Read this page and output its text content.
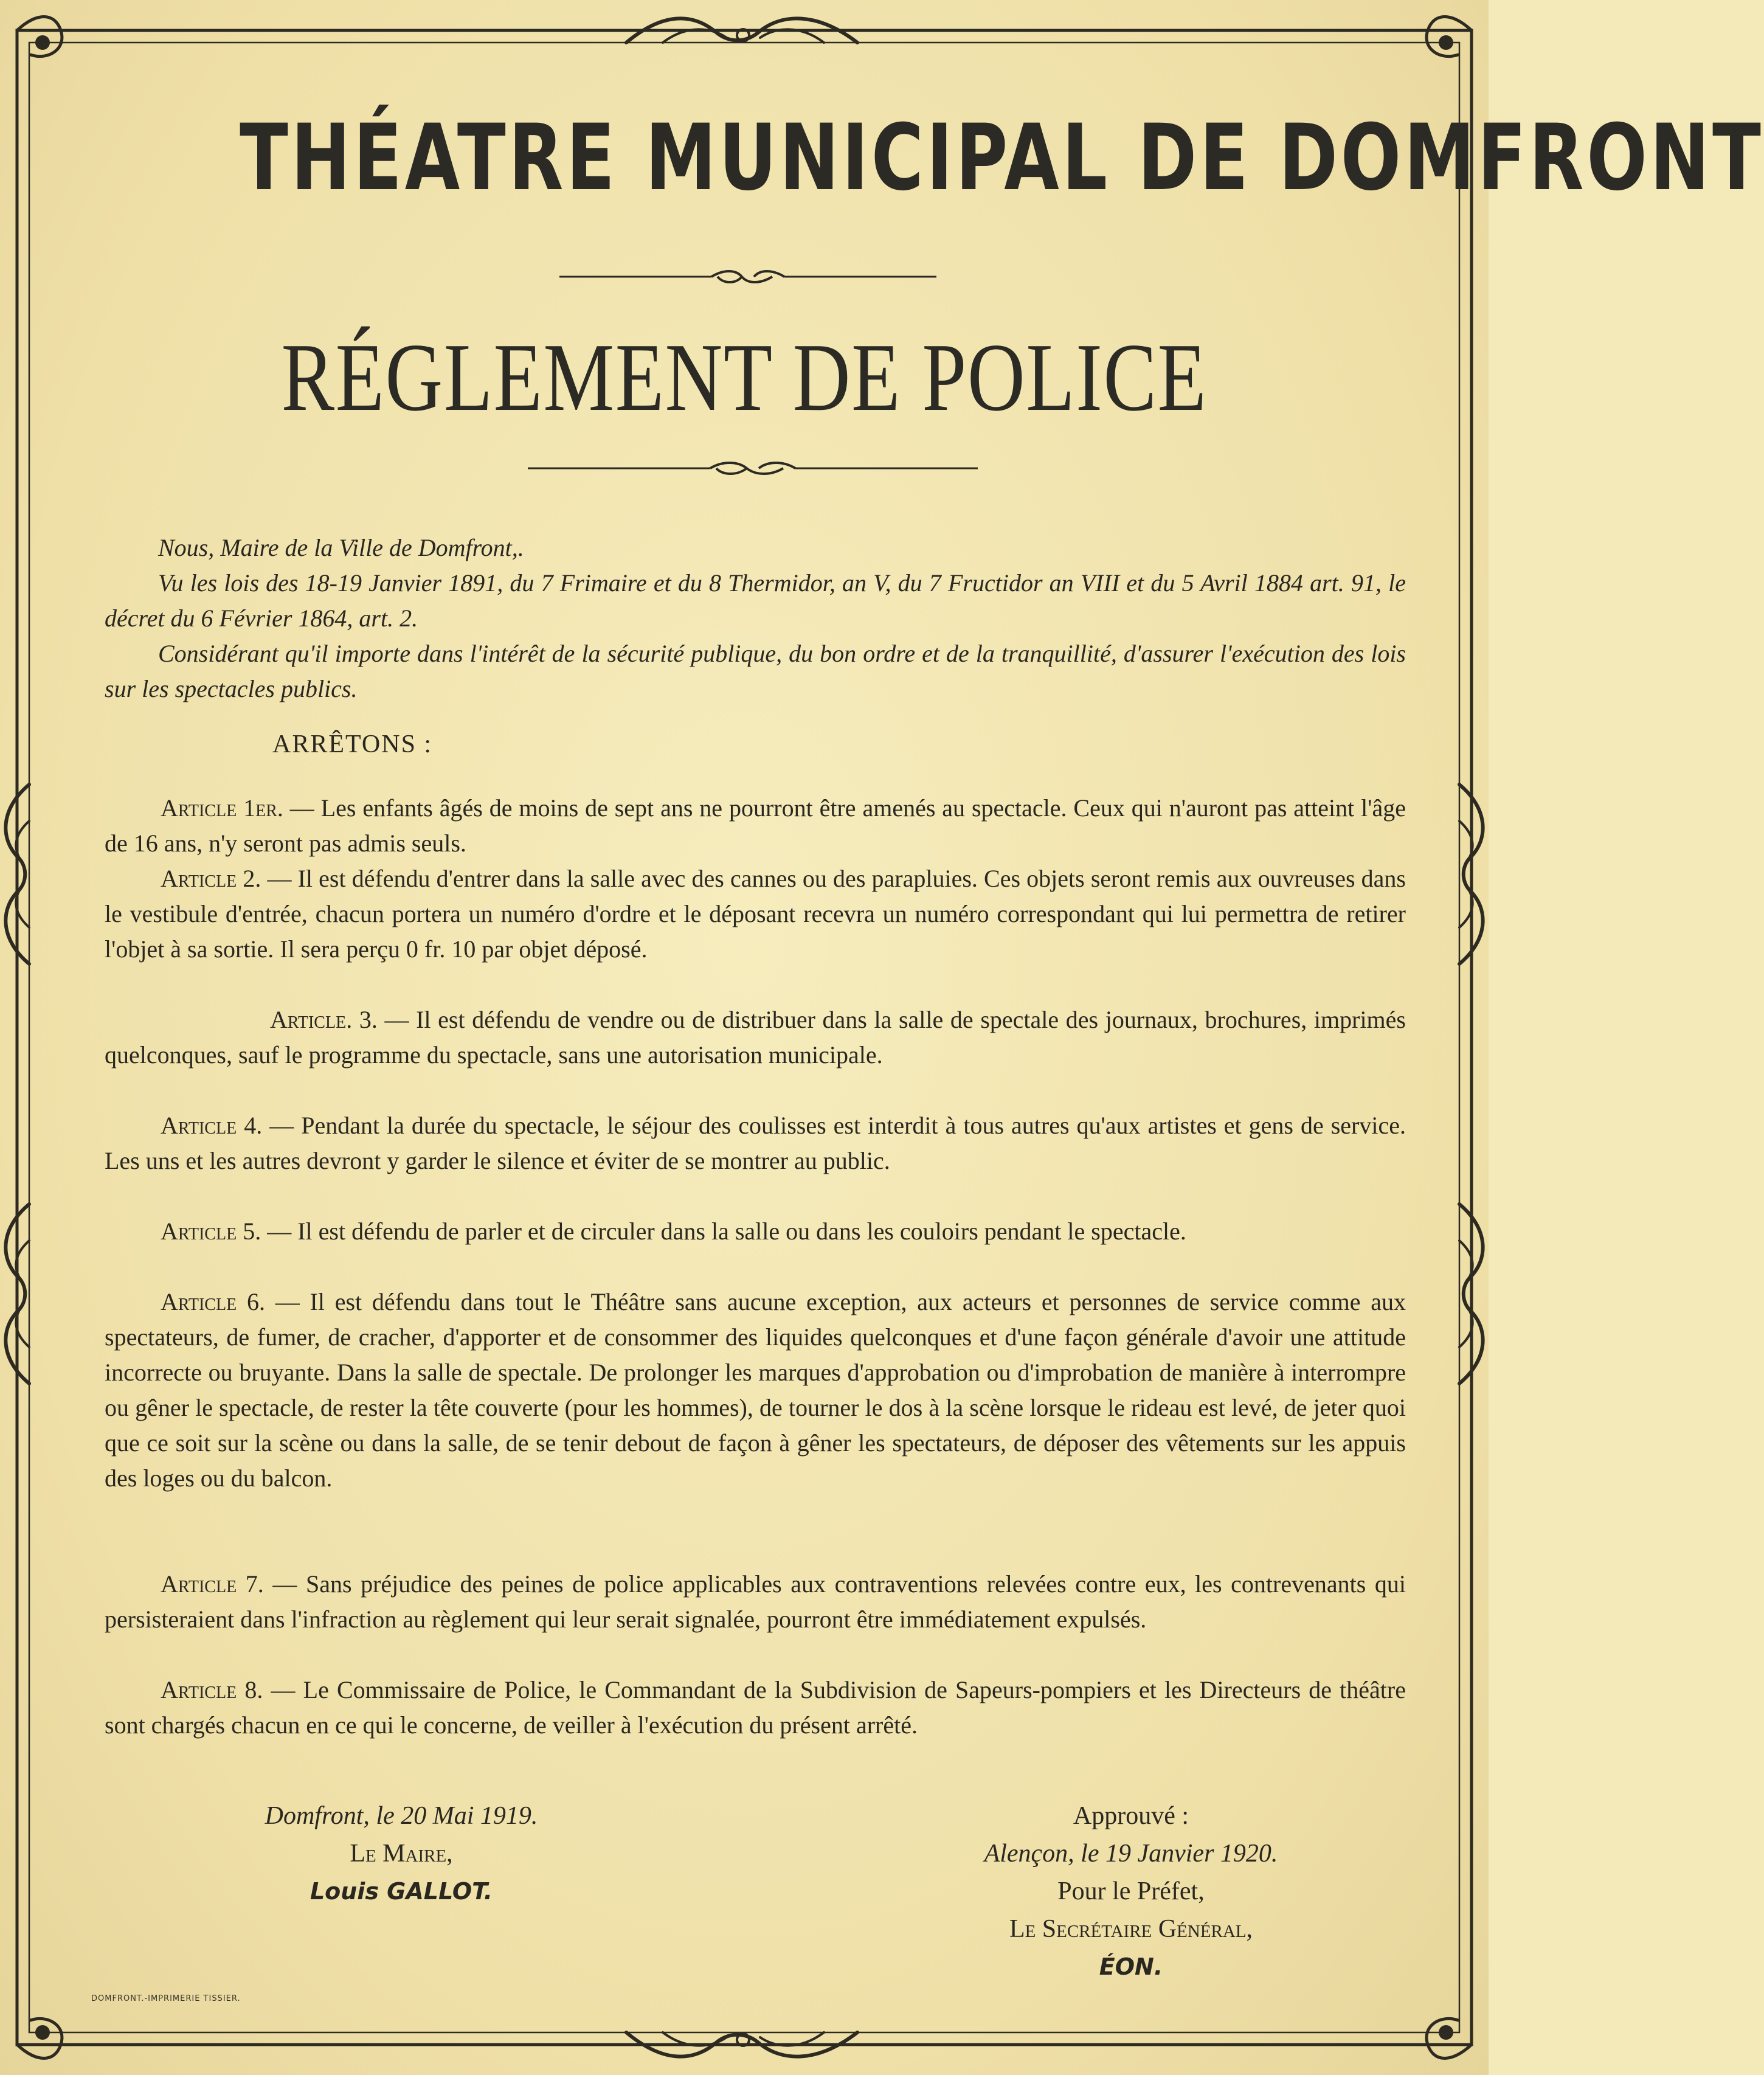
THÉATRE MUNICIPAL DE DOMFRONT
RÉGLEMENT DE POLICE

Nous, Maire de la Ville de Domfront,.

Vu les lois des 18-19 Janvier 1891, du 7 Frimaire et du 8 Thermidor, an V, du 7 Fructidor an VIII et du 5 Avril 1884 art. 91, le décret du 6 Février 1864, art. 2.

Considérant qu'il importe dans l'intérêt de la sécurité publique, du bon ordre et de la tranquillité, d'assurer l'exécution des lois sur les spectacles publics.

ARRÊTONS :

Article 1er. — Les enfants âgés de moins de sept ans ne pourront être amenés au spectacle. Ceux qui n'auront pas atteint l'âge de 16 ans, n'y seront pas admis seuls.

Article 2. — Il est défendu d'entrer dans la salle avec des cannes ou des parapluies. Ces objets seront remis aux ouvreuses dans le vestibule d'entrée, chacun portera un numéro d'ordre et le déposant recevra un numéro correspondant qui lui permettra de retirer l'objet à sa sortie. Il sera perçu 0 fr. 10 par objet déposé.

Article. 3. — Il est défendu de vendre ou de distribuer dans la salle de spectale des journaux, brochures, imprimés quelconques, sauf le programme du spectacle, sans une autorisation municipale.

Article 4. — Pendant la durée du spectacle, le séjour des coulisses est interdit à tous autres qu'aux artistes et gens de service. Les uns et les autres devront y garder le silence et éviter de se montrer au public.

Article 5. — Il est défendu de parler et de circuler dans la salle ou dans les couloirs pendant le spectacle.

Article 6. — Il est défendu dans tout le Théâtre sans aucune exception, aux acteurs et personnes de service comme aux spectateurs, de fumer, de cracher, d'apporter et de consommer des liquides quelconques et d'une façon générale d'avoir une attitude incorrecte ou bruyante. Dans la salle de spectale. De prolonger les marques d'approbation ou d'improbation de manière à interrompre ou gêner le spectacle, de rester la tête couverte (pour les hommes), de tourner le dos à la scène lorsque le rideau est levé, de jeter quoi que ce soit sur la scène ou dans la salle, de se tenir debout de façon à gêner les spectateurs, de déposer des vêtements sur les appuis des loges ou du balcon.

Article 7. — Sans préjudice des peines de police applicables aux contraventions relevées contre eux, les contrevenants qui persisteraient dans l'infraction au règlement qui leur serait signalée, pourront être immédiatement expulsés.

Article 8. — Le Commissaire de Police, le Commandant de la Subdivision de Sapeurs-pompiers et les Directeurs de théâtre sont chargés chacun en ce qui le concerne, de veiller à l'exécution du présent arrêté.

Domfront, le 20 Mai 1919.
Le Maire,
Louis GALLOT.
Approuvé :
Alençon, le 19 Janvier 1920.
Pour le Préfet,
Le Secrétaire Général,
ÉON.
DOMFRONT.-IMPRIMERIE TISSIER.
